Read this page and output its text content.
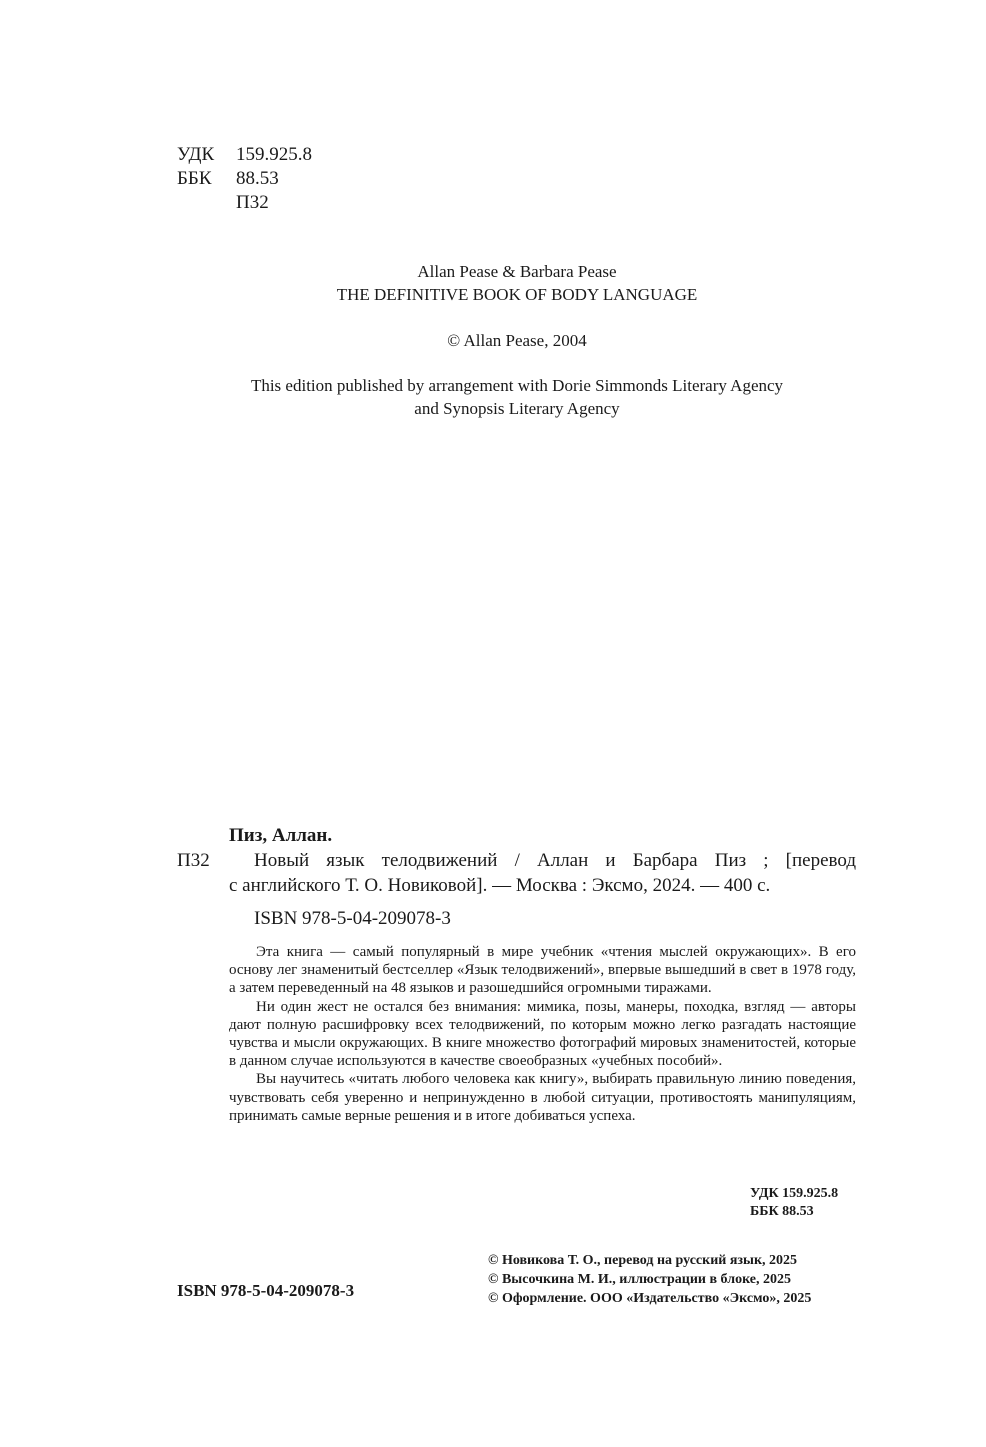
УДК 159.925.8
ББК 88.53
П32
Allan Pease & Barbara Pease
THE DEFINITIVE BOOK OF BODY LANGUAGE
© Allan Pease, 2004
This edition published by arrangement with Dorie Simmonds Literary Agency
and Synopsis Literary Agency
Пиз, Аллан.
П32 Новый язык телодвижений / Аллан и Барбара Пиз ; [перевод
с английского Т. О. Новиковой]. — Москва : Эксмо, 2024. — 400 с.
ISBN 978-5-04-209078-3

Эта книга — самый популярный в мире учебник «чтения мыслей окружающих». В его основу лег знаменитый бестселлер «Язык телодвижений», впервые вышедший в свет в 1978 году, а затем переведенный на 48 языков и разошедшийся огромными тиражами.

Ни один жест не остался без внимания: мимика, позы, манеры, походка, взгляд — авторы дают полную расшифровку всех телодвижений, по которым можно легко разгадать настоящие чувства и мысли окружающих. В книге множество фотографий мировых знаменитостей, которые в данном случае используются в качестве своеобразных «учебных пособий».

Вы научитесь «читать любого человека как книгу», выбирать правильную линию поведения, чувствовать себя уверенно и непринужденно в любой ситуации, противостоять манипуляциям, принимать самые верные решения и в итоге добиваться успеха.

УДК 159.925.8
ББК 88.53
ISBN 978-5-04-209078-3
© Новикова Т. О., перевод на русский язык, 2025
© Высочкина М. И., иллюстрации в блоке, 2025
© Оформление. ООО «Издательство «Эксмо», 2025
